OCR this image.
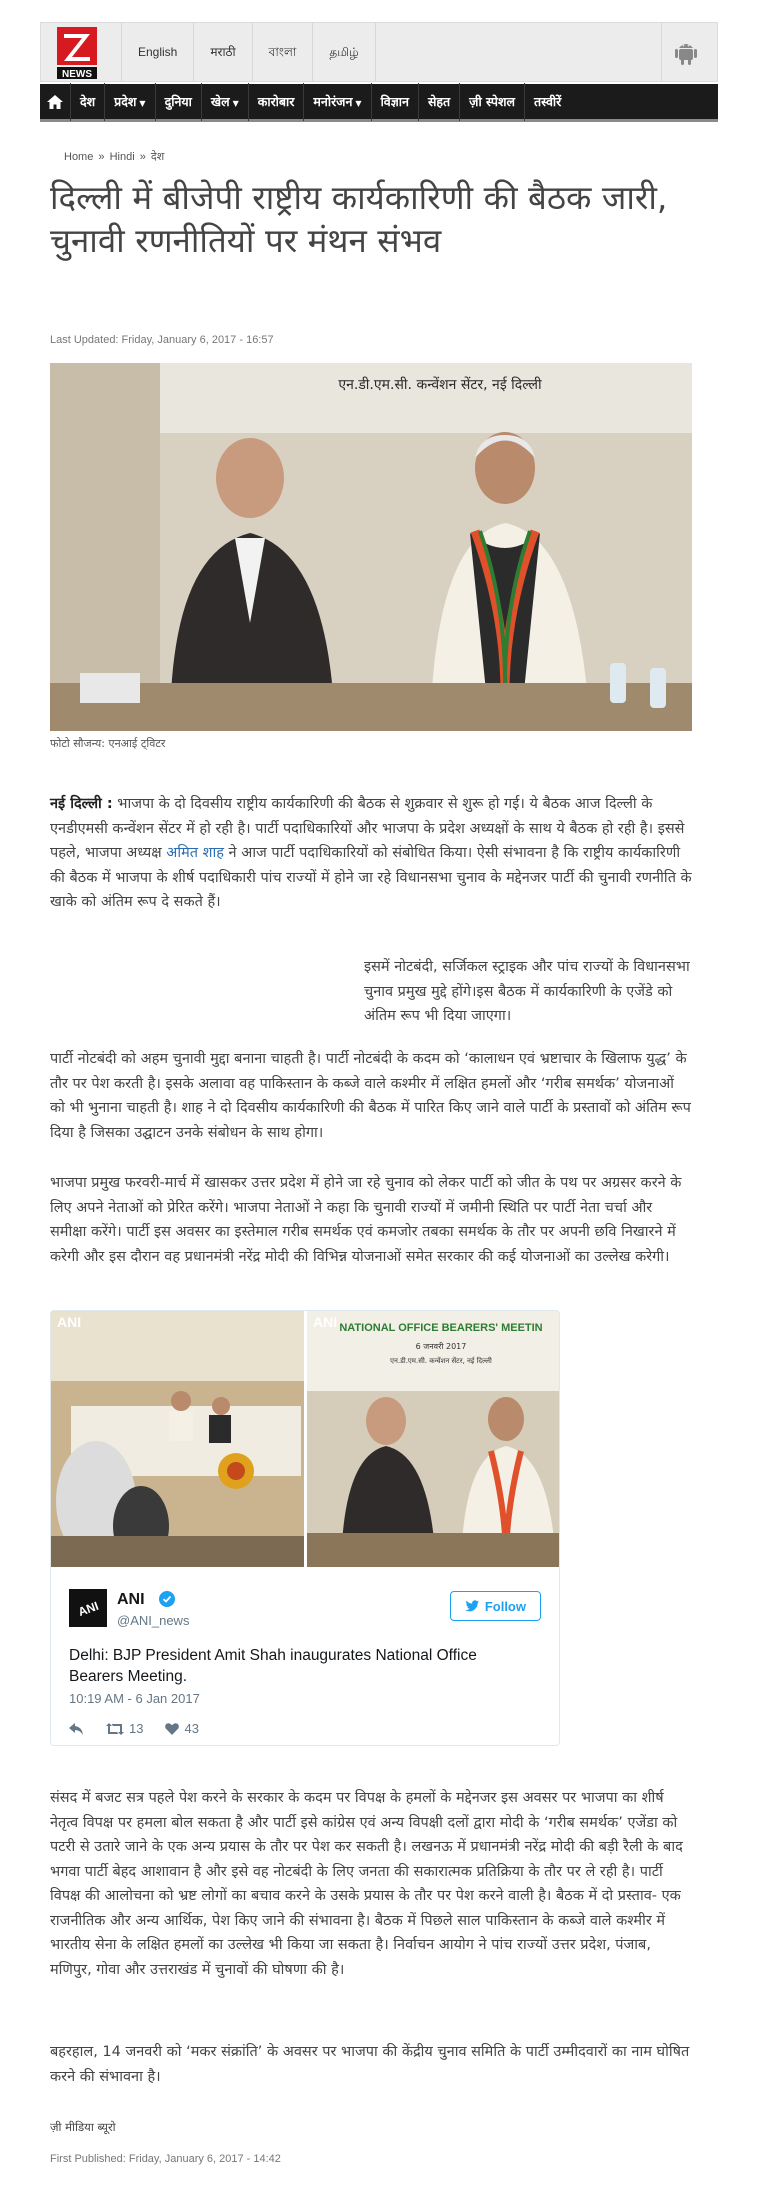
NEWS
English	मराठी	বাংলা	தமிழ்
देश	प्रदेश ▼	दुनिया	खेल ▼	कारोबार	मनोरंजन ▼	विज्ञान	सेहत	ज़ी स्पेशल	तस्वीरें
Home » Hindi » देश
दिल्ली में बीजेपी राष्ट्रीय कार्यकारिणी की बैठक जारी, चुनावी रणनीतियों पर मंथन संभव
Last Updated: Friday, January 6, 2017 - 16:57
एन.डी.एम.सी. कन्वेंशन सेंटर, नई दिल्ली
फोटो सौजन्य: एनआई ट्विटर

नई दिल्ली : भाजपा के दो दिवसीय राष्ट्रीय कार्यकारिणी की बैठक से शुक्रवार से शुरू हो गई। ये बैठक आज दिल्ली के एनडीएमसी कन्वेंशन सेंटर में हो रही है। पार्टी पदाधिकारियों और भाजपा के प्रदेश अध्यक्षों के साथ ये बैठक हो रही है। इससे पहले, भाजपा अध्यक्ष अमित शाह ने आज पार्टी पदाधिकारियों को संबोधित किया। ऐसी संभावना है कि राष्ट्रीय कार्यकारिणी की बैठक में भाजपा के शीर्ष पदाधिकारी पांच राज्यों में होने जा रहे विधानसभा चुनाव के मद्देनजर पार्टी की चुनावी रणनीति के खाके को अंतिम रूप दे सकते हैं।

इसमें नोटबंदी, सर्जिकल स्ट्राइक और पांच राज्यों के विधानसभा चुनाव प्रमुख मुद्दे होंगे।इस बैठक में कार्यकारिणी के एजेंडे को अंतिम रूप भी दिया जाएगा।

पार्टी नोटबंदी को अहम चुनावी मुद्दा बनाना चाहती है। पार्टी नोटबंदी के कदम को ‘कालाधन एवं भ्रष्टाचार के खिलाफ युद्ध’ के तौर पर पेश करती है। इसके अलावा वह पाकिस्तान के कब्जे वाले कश्मीर में लक्षित हमलों और ‘गरीब समर्थक’ योजनाओं को भी भुनाना चाहती है। शाह ने दो दिवसीय कार्यकारिणी की बैठक में पारित किए जाने वाले पार्टी के प्रस्तावों को अंतिम रूप दिया है जिसका उद्घाटन उनके संबोधन के साथ होगा।

भाजपा प्रमुख फरवरी-मार्च में खासकर उत्तर प्रदेश में होने जा रहे चुनाव को लेकर पार्टी को जीत के पथ पर अग्रसर करने के लिए अपने नेताओं को प्रेरित करेंगे। भाजपा नेताओं ने कहा कि चुनावी राज्यों में जमीनी स्थिति पर पार्टी नेता चर्चा और समीक्षा करेंगे। पार्टी इस अवसर का इस्तेमाल गरीब समर्थक एवं कमजोर तबका समर्थक के तौर पर अपनी छवि निखारने में करेगी और इस दौरान वह प्रधानमंत्री नरेंद्र मोदी की विभिन्न योजनाओं समेत सरकार की कई योजनाओं का उल्लेख करेगी।

ANI	NATIONAL OFFICE BEARERS' MEETIN
6 जनवरी 2017
एन.डी.एम.सी. कन्वेंशन सेंटर, नई दिल्ली
ANI
ANI ANI
@ANI_news
Follow
Delhi: BJP President Amit Shah inaugurates National Office Bearers Meeting.
10:19 AM - 6 Jan 2017
13	43

संसद में बजट सत्र पहले पेश करने के सरकार के कदम पर विपक्ष के हमलों के मद्देनजर इस अवसर पर भाजपा का शीर्ष नेतृत्व विपक्ष पर हमला बोल सकता है और पार्टी इसे कांग्रेस एवं अन्य विपक्षी दलों द्वारा मोदी के ‘गरीब समर्थक’ एजेंडा को पटरी से उतारे जाने के एक अन्य प्रयास के तौर पर पेश कर सकती है। लखनऊ में प्रधानमंत्री नरेंद्र मोदी की बड़ी रैली के बाद भगवा पार्टी बेहद आशावान है और इसे वह नोटबंदी के लिए जनता की सकारात्मक प्रतिक्रिया के तौर पर ले रही है। पार्टी विपक्ष की आलोचना को भ्रष्ट लोगों का बचाव करने के उसके प्रयास के तौर पर पेश करने वाली है। बैठक में दो प्रस्ताव- एक राजनीतिक और अन्य आर्थिक, पेश किए जाने की संभावना है। बैठक में पिछले साल पाकिस्तान के कब्जे वाले कश्मीर में भारतीय सेना के लक्षित हमलों का उल्लेख भी किया जा सकता है। निर्वाचन आयोग ने पांच राज्यों उत्तर प्रदेश, पंजाब, मणिपुर, गोवा और उत्तराखंड में चुनावों की घोषणा की है।

बहरहाल, 14 जनवरी को ‘मकर संक्रांति’ के अवसर पर भाजपा की केंद्रीय चुनाव समिति के पार्टी उम्मीदवारों का नाम घोषित करने की संभावना है।

ज़ी मीडिया ब्यूरो
First Published: Friday, January 6, 2017 - 14:42
